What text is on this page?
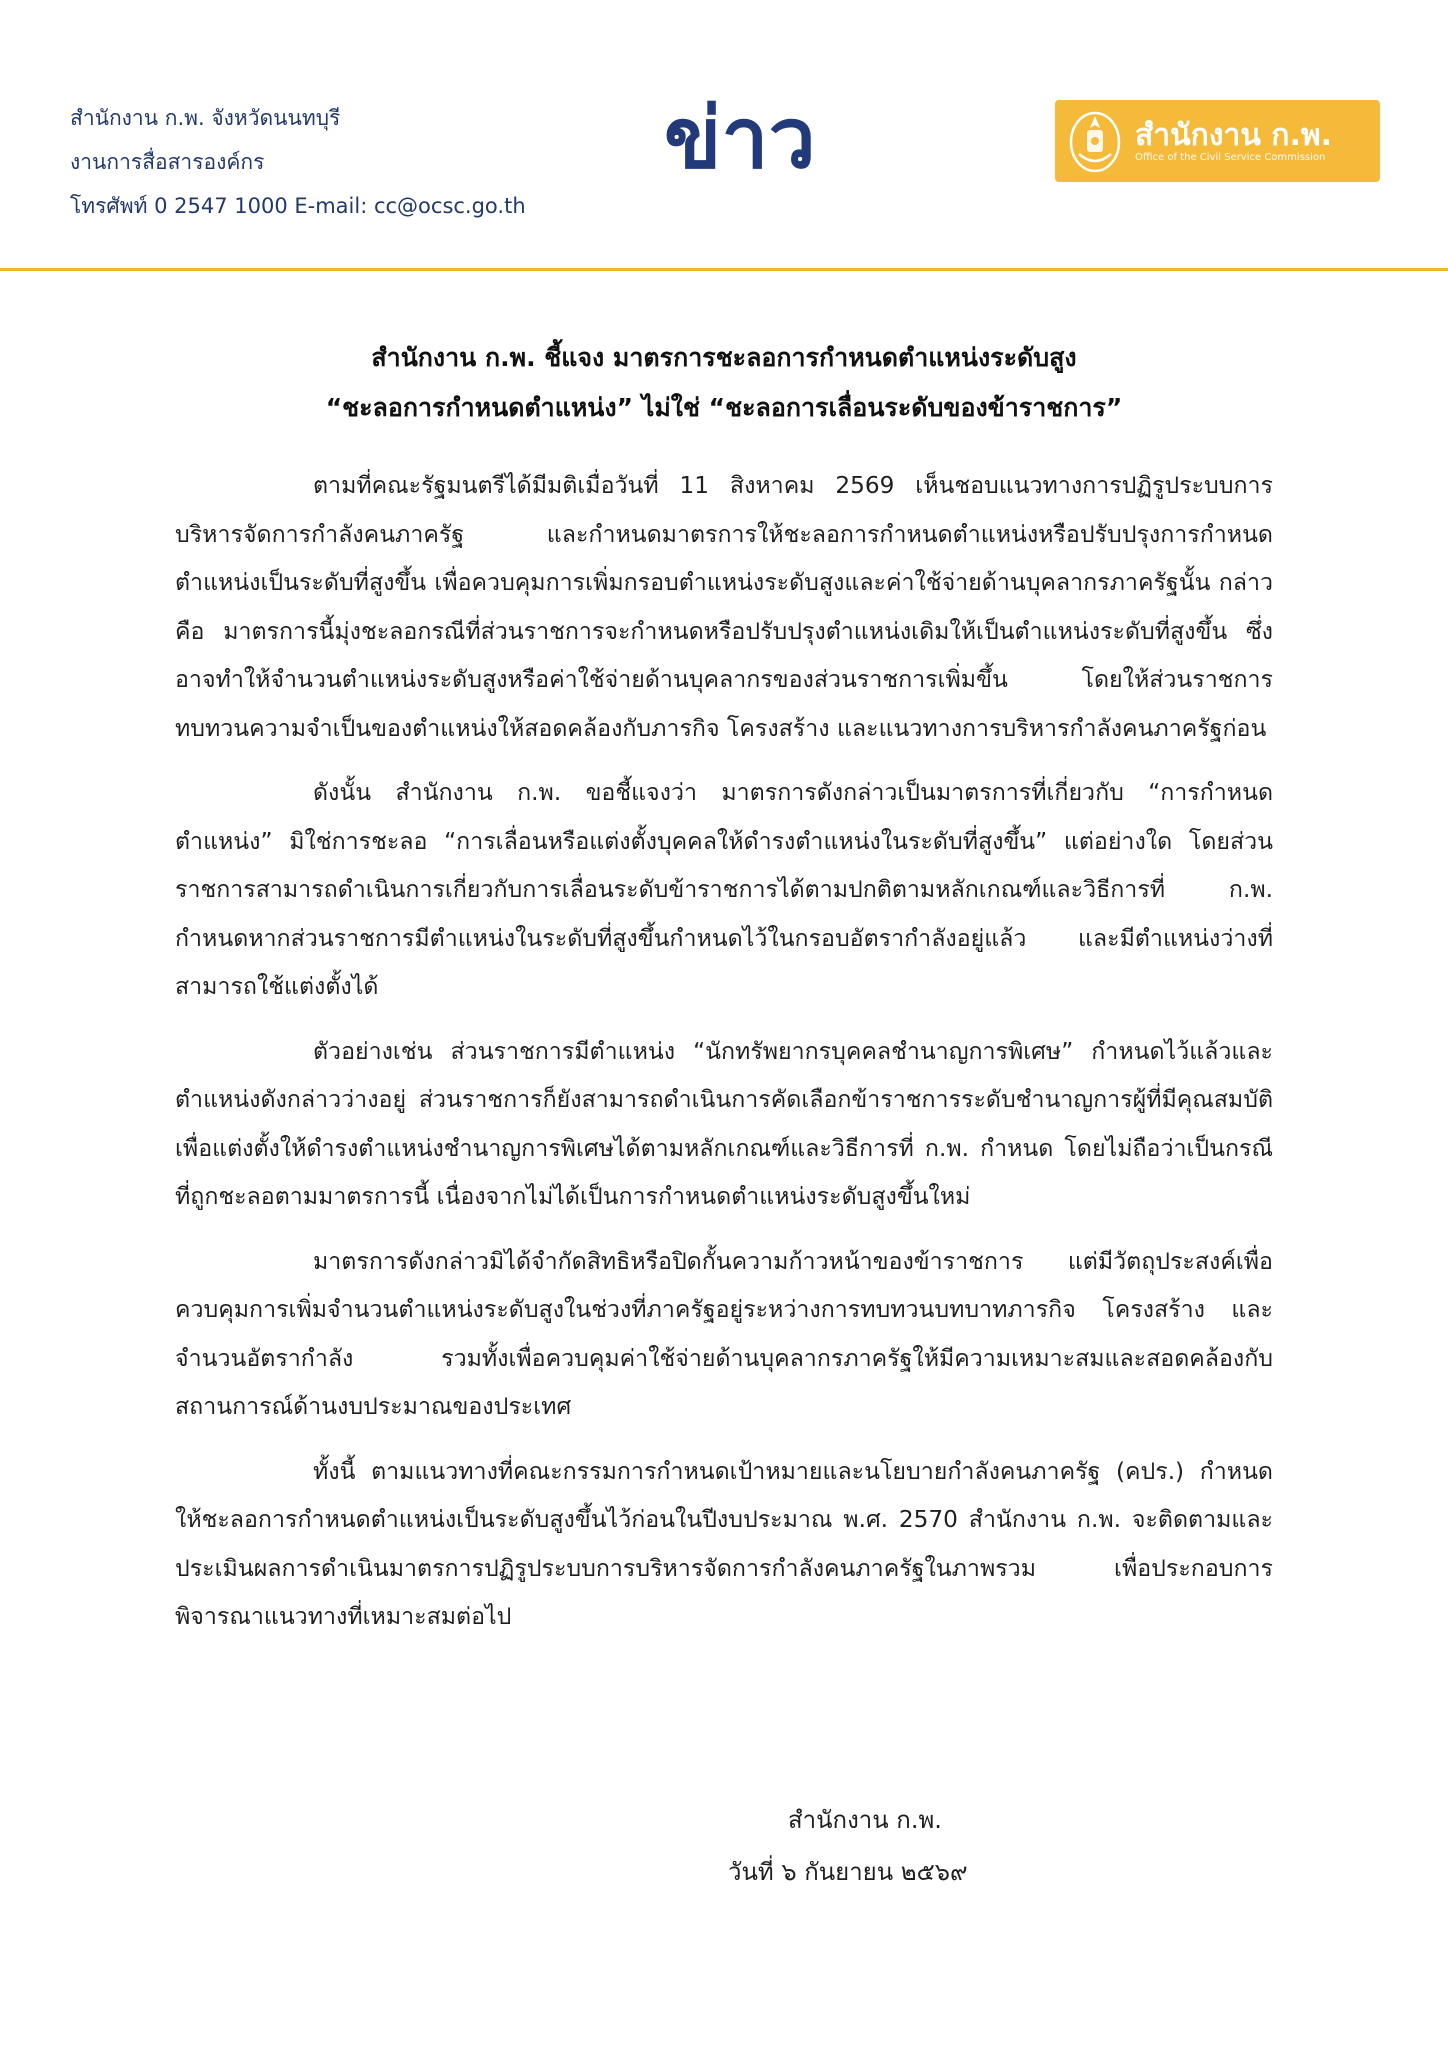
สำนักงาน ก.พ. จังหวัดนนทบุรี
งานการสื่อสารองค์กร
โทรศัพท์ 0 2547 1000 E-mail: cc@ocsc.go.th
ข่าว	สำนักงาน ก.พ.
Office of the Civil Service Commission
สำนักงาน ก.พ. ชี้แจง มาตรการชะลอการกำหนดตำแหน่งระดับสูง
“ชะลอการกำหนดตำแหน่ง” ไม่ใช่ “ชะลอการเลื่อนระดับของข้าราชการ”

ตามที่คณะรัฐมนตรีได้มีมติเมื่อวันที่ 11 สิงหาคม 2569 เห็นชอบแนวทางการปฏิรูประบบการบริหารจัดการกำลังคนภาครัฐ และกำหนดมาตรการให้ชะลอการกำหนดตำแหน่งหรือปรับปรุงการกำหนดตำแหน่งเป็นระดับที่สูงขึ้น เพื่อควบคุมการเพิ่มกรอบตำแหน่งระดับสูงและค่าใช้จ่ายด้านบุคลากรภาครัฐนั้น กล่าวคือ มาตรการนี้มุ่งชะลอกรณีที่ส่วนราชการจะกำหนดหรือปรับปรุงตำแหน่งเดิมให้เป็นตำแหน่งระดับที่สูงขึ้น ซึ่งอาจทำให้จำนวนตำแหน่งระดับสูงหรือค่าใช้จ่ายด้านบุคลากรของส่วนราชการเพิ่มขึ้น โดยให้ส่วนราชการทบทวนความจำเป็นของตำแหน่งให้สอดคล้องกับภารกิจ โครงสร้าง และแนวทางการบริหารกำลังคนภาครัฐก่อน

ดังนั้น สำนักงาน ก.พ. ขอชี้แจงว่า มาตรการดังกล่าวเป็นมาตรการที่เกี่ยวกับ “การกำหนดตำแหน่ง” มิใช่การชะลอ “การเลื่อนหรือแต่งตั้งบุคคลให้ดำรงตำแหน่งในระดับที่สูงขึ้น” แต่อย่างใด โดยส่วนราชการสามารถดำเนินการเกี่ยวกับการเลื่อนระดับข้าราชการได้ตามปกติตามหลักเกณฑ์และวิธีการที่ ก.พ. กำหนดหากส่วนราชการมีตำแหน่งในระดับที่สูงขึ้นกำหนดไว้ในกรอบอัตรากำลังอยู่แล้ว และมีตำแหน่งว่างที่สามารถใช้แต่งตั้งได้

ตัวอย่างเช่น ส่วนราชการมีตำแหน่ง “นักทรัพยากรบุคคลชำนาญการพิเศษ” กำหนดไว้แล้วและตำแหน่งดังกล่าวว่างอยู่ ส่วนราชการก็ยังสามารถดำเนินการคัดเลือกข้าราชการระดับชำนาญการผู้ที่มีคุณสมบัติเพื่อแต่งตั้งให้ดำรงตำแหน่งชำนาญการพิเศษได้ตามหลักเกณฑ์และวิธีการที่ ก.พ. กำหนด โดยไม่ถือว่าเป็นกรณีที่ถูกชะลอตามมาตรการนี้ เนื่องจากไม่ได้เป็นการกำหนดตำแหน่งระดับสูงขึ้นใหม่

มาตรการดังกล่าวมิได้จำกัดสิทธิหรือปิดกั้นความก้าวหน้าของข้าราชการ แต่มีวัตถุประสงค์เพื่อควบคุมการเพิ่มจำนวนตำแหน่งระดับสูงในช่วงที่ภาครัฐอยู่ระหว่างการทบทวนบทบาทภารกิจ โครงสร้าง และจำนวนอัตรากำลัง รวมทั้งเพื่อควบคุมค่าใช้จ่ายด้านบุคลากรภาครัฐให้มีความเหมาะสมและสอดคล้องกับสถานการณ์ด้านงบประมาณของประเทศ

ทั้งนี้ ตามแนวทางที่คณะกรรมการกำหนดเป้าหมายและนโยบายกำลังคนภาครัฐ (คปร.) กำหนด ให้ชะลอการกำหนดตำแหน่งเป็นระดับสูงขึ้นไว้ก่อนในปีงบประมาณ พ.ศ. 2570 สำนักงาน ก.พ. จะติดตามและประเมินผลการดำเนินมาตรการปฏิรูประบบการบริหารจัดการกำลังคนภาครัฐในภาพรวม เพื่อประกอบการพิจารณาแนวทางที่เหมาะสมต่อไป

สำนักงาน ก.พ.
วันที่ ๖ กันยายน ๒๕๖๙
